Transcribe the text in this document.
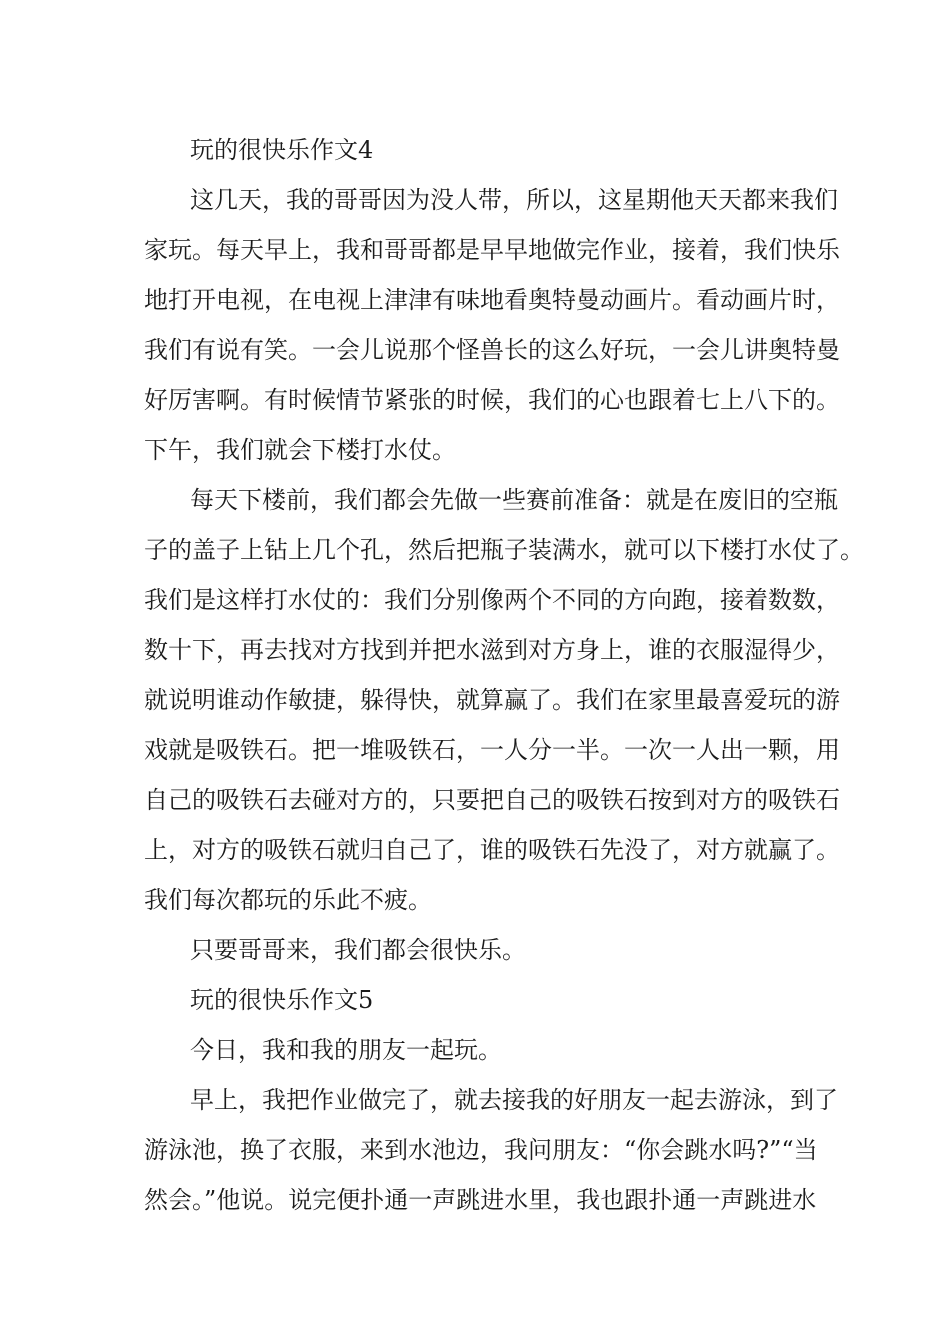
玩的很快乐作文4
这几天，我的哥哥因为没人带，所以，这星期他天天都来我们
家玩。每天早上，我和哥哥都是早早地做完作业，接着，我们快乐
地打开电视，在电视上津津有味地看奥特曼动画片。看动画片时，
我们有说有笑。一会儿说那个怪兽长的这么好玩，一会儿讲奥特曼
好厉害啊。有时候情节紧张的时候，我们的心也跟着七上八下的。
下午，我们就会下楼打水仗。
每天下楼前，我们都会先做一些赛前准备：就是在废旧的空瓶
子的盖子上钻上几个孔，然后把瓶子装满水，就可以下楼打水仗了。
我们是这样打水仗的：我们分别像两个不同的方向跑，接着数数，
数十下，再去找对方找到并把水滋到对方身上，谁的衣服湿得少，
就说明谁动作敏捷，躲得快，就算赢了。我们在家里最喜爱玩的游
戏就是吸铁石。把一堆吸铁石，一人分一半。一次一人出一颗，用
自己的吸铁石去碰对方的，只要把自己的吸铁石按到对方的吸铁石
上，对方的吸铁石就归自己了，谁的吸铁石先没了，对方就赢了。
我们每次都玩的乐此不疲。
只要哥哥来，我们都会很快乐。
玩的很快乐作文5
今日，我和我的朋友一起玩。
早上，我把作业做完了，就去接我的好朋友一起去游泳，到了
游泳池，换了衣服，来到水池边，我问朋友：“你会跳水吗?”“当
然会。”他说。说完便扑通一声跳进水里，我也跟扑通一声跳进水
